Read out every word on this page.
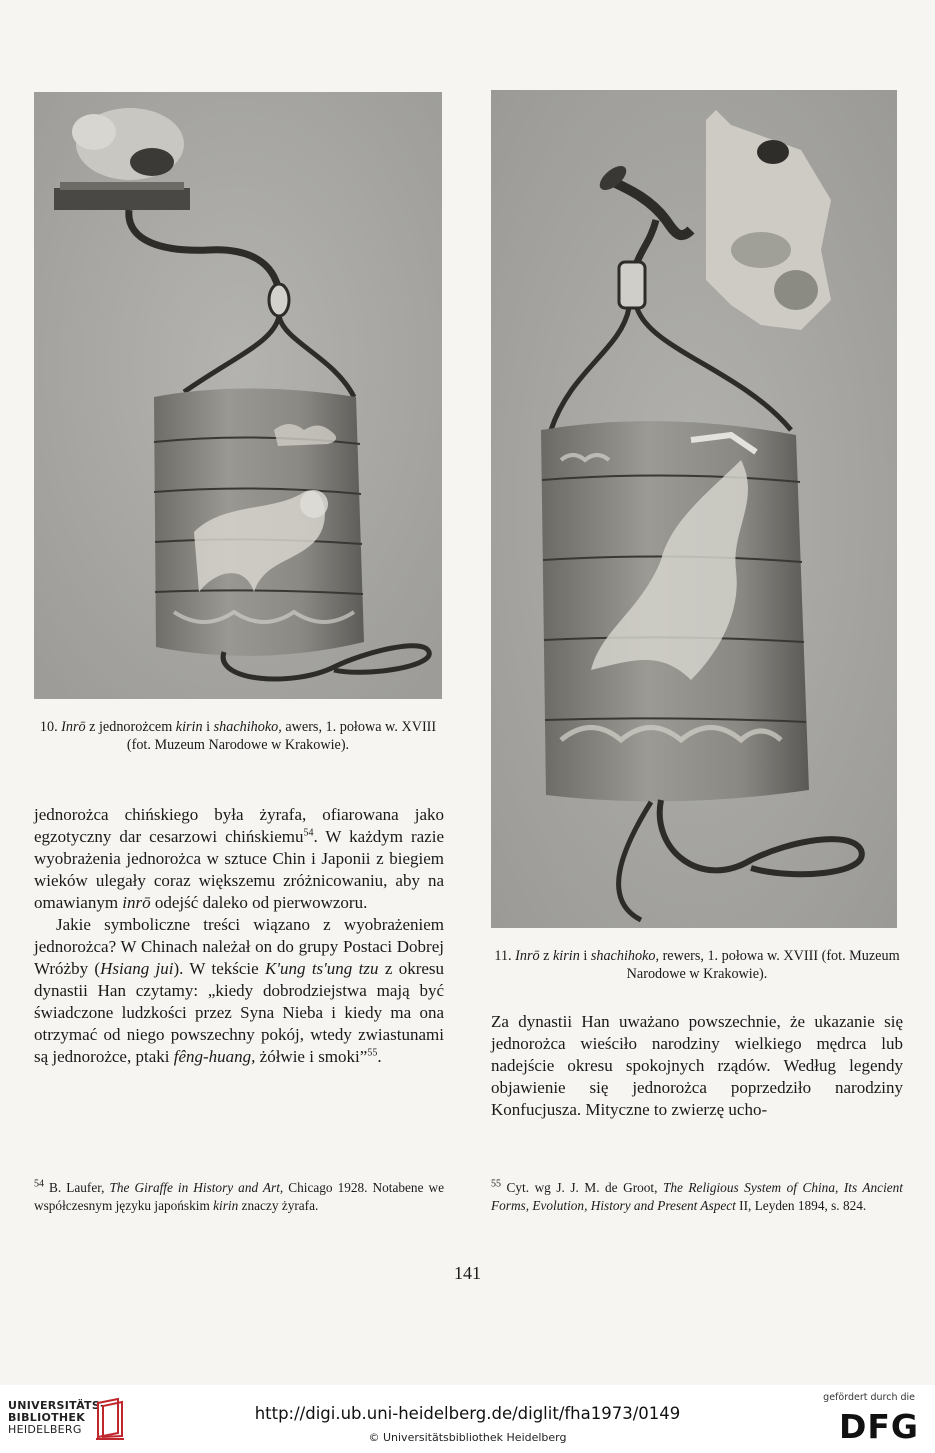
10. Inrō z jednorożcem kirin i shachihoko, awers, 1. połowa w. XVIII (fot. Muzeum Narodowe w Krakowie).
11. Inrō z kirin i shachihoko, rewers, 1. połowa w. XVIII (fot. Muzeum Narodowe w Krakowie).

jednorożca chińskiego była żyrafa, ofiarowana jako egzotyczny dar cesarzowi chińskiemu$^{54}$. W każdym razie wyobrażenia jednorożca w sztuce Chin i Japonii z biegiem wieków ulegały coraz większemu zróżnicowaniu, aby na omawianym inrō odejść daleko od pierwowzoru.

Jakie symboliczne treści wiązano z wyobrażeniem jednorożca? W Chinach należał on do grupy Postaci Dobrej Wróżby (Hsiang jui). W tekście K'ung ts'ung tzu z okresu dynastii Han czytamy: „kiedy dobrodziejstwa mają być świadczone ludzkości przez Syna Nieba i kiedy ma ona otrzymać od niego powszechny pokój, wtedy zwiastunami są jednorożce, ptaki fêng-huang, żółwie i smoki”$^{55}$.

Za dynastii Han uważano powszechnie, że ukazanie się jednorożca wieściło narodziny wielkiego mędrca lub nadejście okresu spokojnych rządów. Według legendy objawienie się jednorożca poprzedziło narodziny Konfucjusza. Mityczne to zwierzę ucho-

$^{54}$ B. Laufer, The Giraffe in History and Art, Chicago 1928. Notabene we współczesnym języku japońskim kirin znaczy żyrafa.
$^{55}$ Cyt. wg J. J. M. de Groot, The Religious System of China, Its Ancient Forms, Evolution, History and Present Aspect II, Leyden 1894, s. 824.
141
UNIVERSITÄTS-
BIBLIOTHEK
HEIDELBERG
http://digi.ub.uni-heidelberg.de/diglit/fha1973/0149
© Universitätsbibliothek Heidelberg
gefördert durch die
DFG
